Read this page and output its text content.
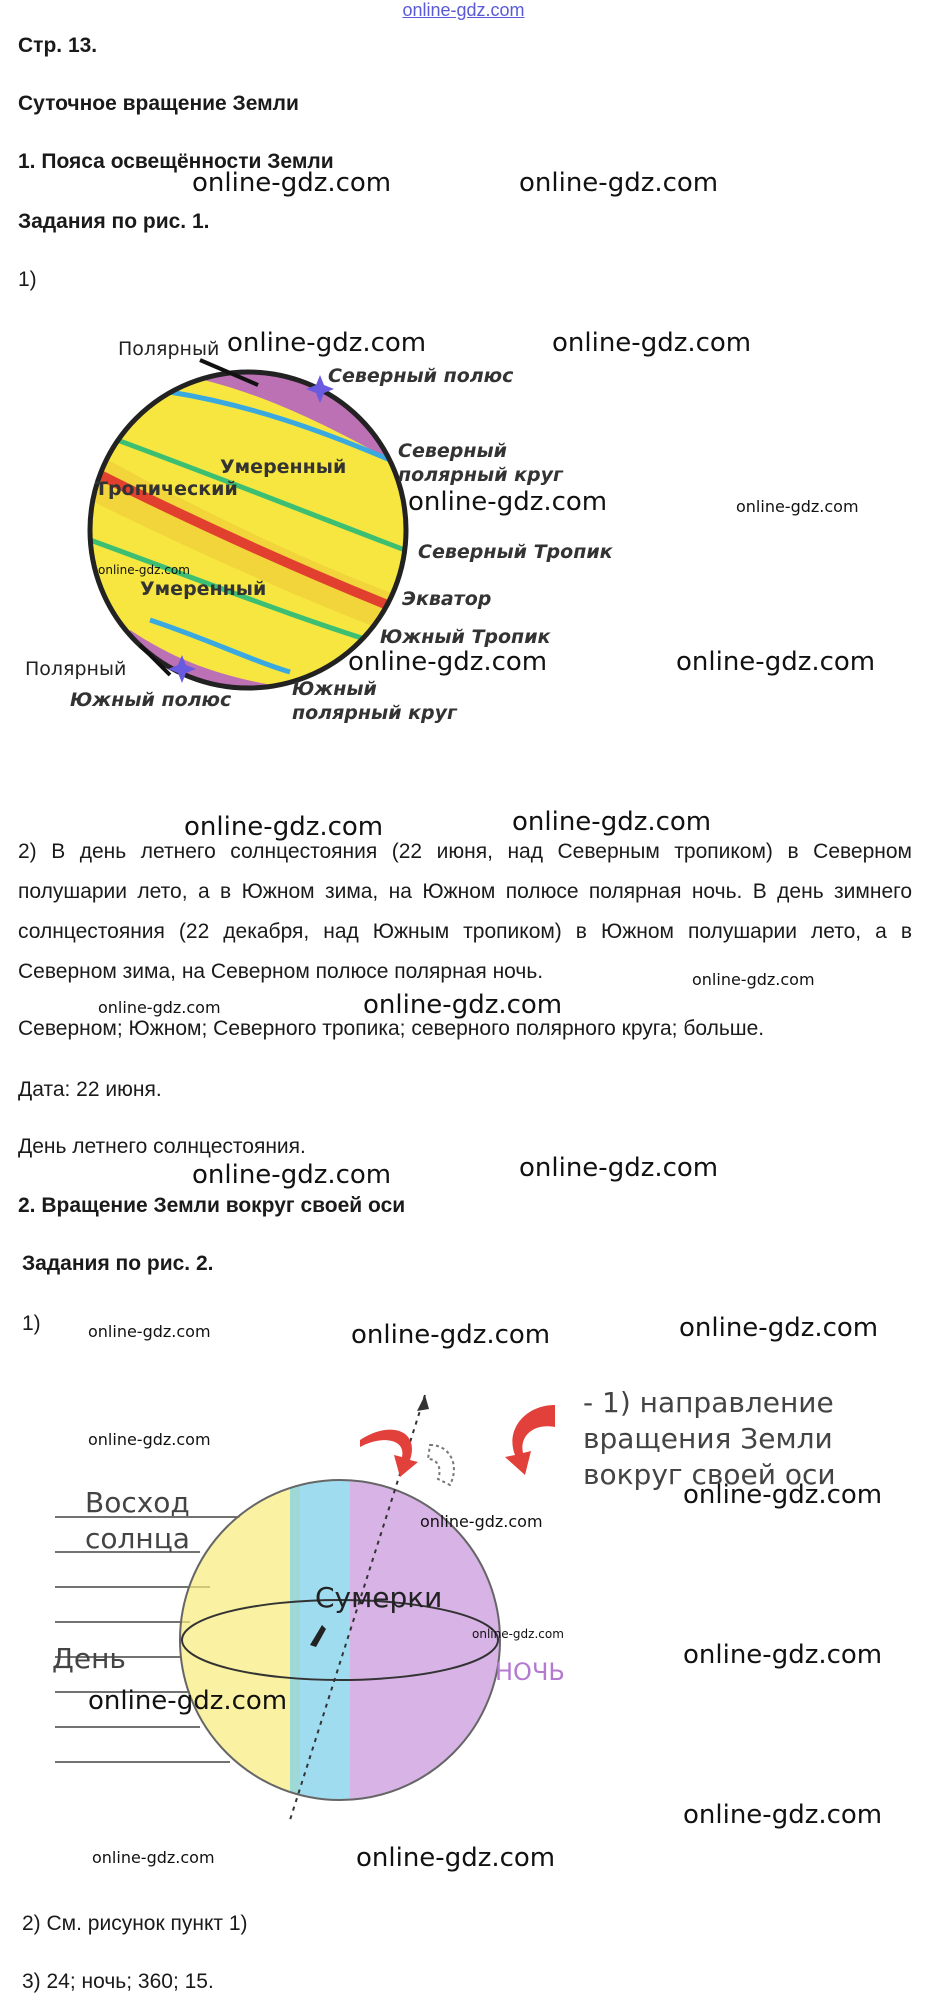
online-gdz.com
Стр. 13.
Суточное вращение Земли
1. Пояса освещённости Земли
Задания по рис. 1.
1)
Полярный
Умеренный
Тропический
Умеренный
Полярный
Северный полюс
Северный
полярный круг
Северный Тропик
Экватор
Южный Тропик
Южный
полярный круг
Южный полюс
2) В день летнего солнцестояния (22 июня, над Северным тропиком) в Северном полушарии лето, а в Южном зима, на Южном полюсе полярная ночь. В день зимнего солнцестояния (22 декабря, над Южным тропиком) в Южном полушарии лето, а в Северном зима, на Северном полюсе полярная ночь.
Северном; Южном; Северного тропика; северного полярного круга; больше.
Дата: 22 июня.
День летнего солнцестояния.
2. Вращение Земли вокруг своей оси
Задания по рис. 2.
1)
- 1) направление
вращения Земли
вокруг своей оси
Восход
солнца
Сумерки
День	НОЧЬ
2) См. рисунок пункт 1)
3) 24; ночь; 360; 15.
online-gdz.com	online-gdz.com
online-gdz.com	online-gdz.com
online-gdz.com	online-gdz.com
online-gdz.com
online-gdz.com	online-gdz.com
online-gdz.com	online-gdz.com
online-gdz.com
online-gdz.com	online-gdz.com
online-gdz.com	online-gdz.com
online-gdz.com	online-gdz.com	online-gdz.com
online-gdz.com
online-gdz.com
online-gdz.com
online-gdz.com
online-gdz.com
online-gdz.com
online-gdz.com
online-gdz.com	online-gdz.com
